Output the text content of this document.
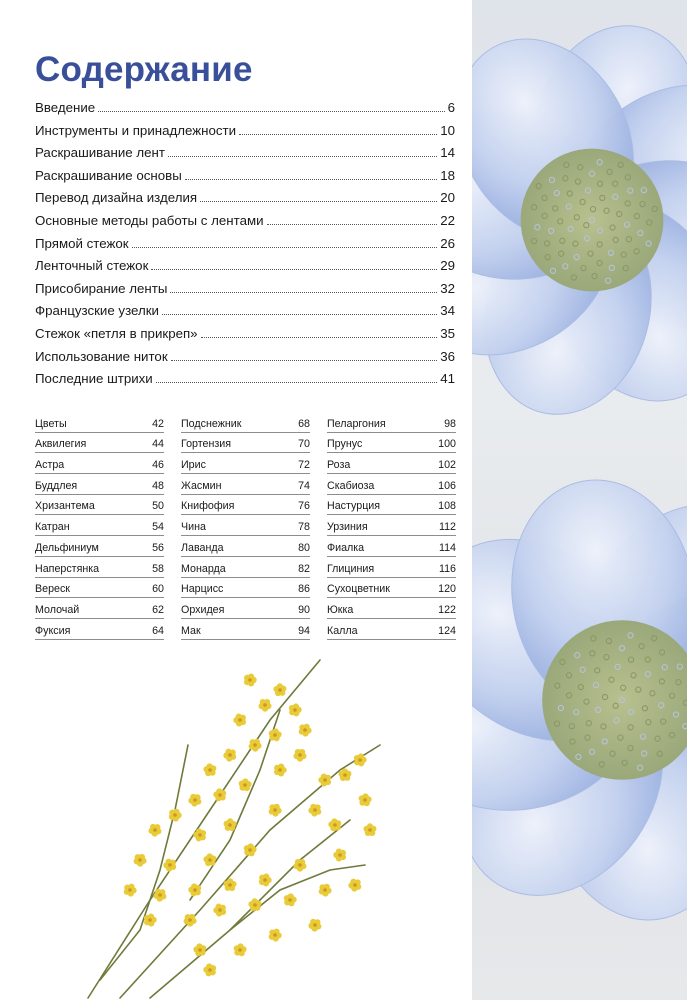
Содержание
Введение	6
Инструменты и принадлежности	10
Раскрашивание лент	14
Раскрашивание основы	18
Перевод дизайна изделия	20
Основные методы работы с лентами	22
Прямой стежок	26
Ленточный стежок	29
Присобирание ленты	32
Французские узелки	34
Стежок «петля в прикреп»	35
Использование ниток	36
Последние штрихи	41
Цветы	42
Аквилегия	44
Астра	46
Буддлея	48
Хризантема	50
Катран	54
Дельфиниум	56
Наперстянка	58
Вереск	60
Молочай	62
Фуксия	64
Подснежник	68
Гортензия	70
Ирис	72
Жасмин	74
Книфофия	76
Чина	78
Лаванда	80
Монарда	82
Нарцисс	86
Орхидея	90
Мак	94
Пеларгония	98
Прунус	100
Роза	102
Скабиоза	106
Настурция	108
Урзиния	112
Фиалка	114
Глициния	116
Сухоцветник	120
Юкка	122
Калла	124
